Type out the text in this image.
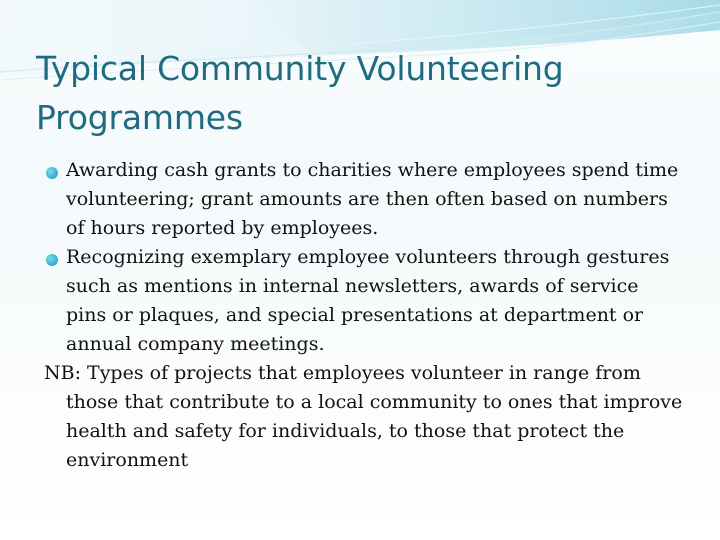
Typical Community Volunteering Programmes
Awarding cash grants to charities where employees spend time volunteering; grant amounts are then often based on numbers of hours reported by employees.
Recognizing exemplary employee volunteers through gestures such as mentions in internal newsletters, awards of service pins or plaques, and special presentations at department or annual company meetings.
NB: Types of projects that employees volunteer in range from those that contribute to a local community to ones that improve health and safety for individuals, to those that protect the environment
